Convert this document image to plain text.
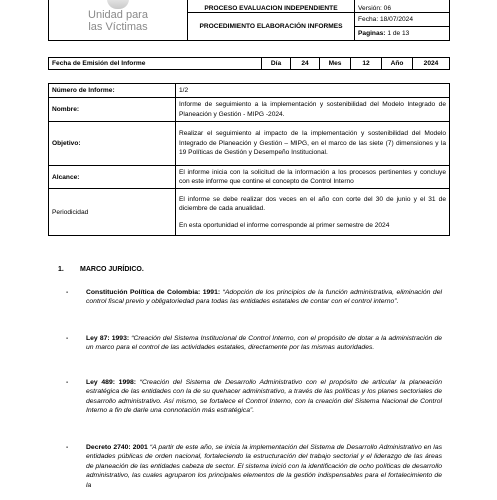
Unidad para
las Víctimas	PROCESO EVALUACION INDEPENDIENTE	Versión: 06
	PROCEDIMIENTO ELABORACIÓN INFORMES	Fecha: 18/07/2024
		Paginas: 1 de 13
Fecha de Emisión del Informe	Día	24	Mes	12	Año	2024
Número de Informe:	1/2
Nombre:	Informe de seguimiento a la implementación y sostenibilidad del Modelo Integrado de Planeación y Gestión - MIPG -2024.
Objetivo:	Realizar el seguimiento al impacto de la implementación y sostenibilidad del Modelo Integrado de Planeación y Gestión – MIPG, en el marco de las siete (7) dimensiones y la 19 Políticas de Gestión y Desempeño Institucional.
Alcance:	El informe inicia con la solicitud de la información a los procesos pertinentes y concluye con este informe que contine el concepto de Control Interno
Periodicidad	El informe se debe realizar dos veces en el año con corte del 30 de junio y el 31 de diciembre de cada anualidad.
En esta oportunidad el informe corresponde al primer semestre de 2024
1. MARCO JURÍDICO.
-	Constitución Política de Colombia: 1991: “Adopción de los principios de la función administrativa, eliminación del control fiscal previo y obligatoriedad para todas las entidades estatales de contar con el control interno”.
-	Ley 87: 1993: “Creación del Sistema Institucional de Control Interno, con el propósito de dotar a la administración de un marco para el control de las actividades estatales, directamente por las mismas autoridades.
-	Ley 489: 1998: “Creación del Sistema de Desarrollo Administrativo con el propósito de articular la planeación estratégica de las entidades con la de su quehacer administrativo, a través de las políticas y los planes sectoriales de desarrollo administrativo. Así mismo, se fortalece el Control Interno, con la creación del Sistema Nacional de Control Interno a fin de darle una connotación más estratégica”.
-	Decreto 2740: 2001 “A partir de este año, se inicia la implementación del Sistema de Desarrollo Administrativo en las entidades públicas de orden nacional, fortaleciendo la estructuración del trabajo sectorial y el liderazgo de las áreas de planeación de las entidades cabeza de sector. El sistema inició con la identificación de ocho políticas de desarrollo administrativo, las cuales agruparon los principales elementos de la gestión indispensables para el fortalecimiento de la
